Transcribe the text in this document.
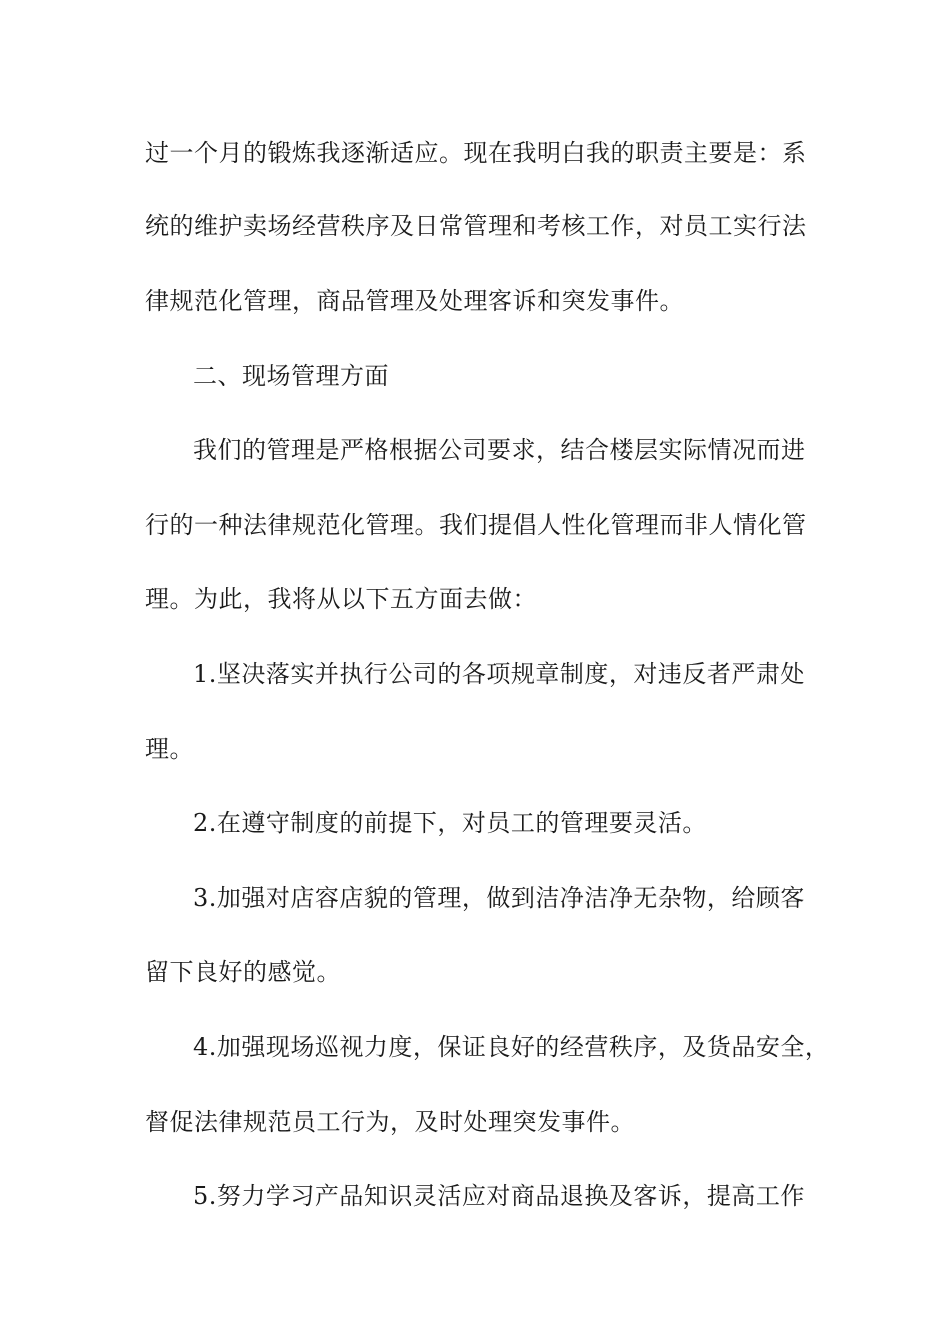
过一个月的锻炼我逐渐适应。现在我明白我的职责主要是：系
统的维护卖场经营秩序及日常管理和考核工作，对员工实行法
律规范化管理，商品管理及处理客诉和突发事件。
二、现场管理方面
我们的管理是严格根据公司要求，结合楼层实际情况而进
行的一种法律规范化管理。我们提倡人性化管理而非人情化管
理。为此，我将从以下五方面去做：
1.坚决落实并执行公司的各项规章制度，对违反者严肃处
理。
2.在遵守制度的前提下，对员工的管理要灵活。
3.加强对店容店貌的管理，做到洁净洁净无杂物，给顾客
留下良好的感觉。
4.加强现场巡视力度，保证良好的经营秩序，及货品安全，
督促法律规范员工行为，及时处理突发事件。
5.努力学习产品知识灵活应对商品退换及客诉，提高工作
